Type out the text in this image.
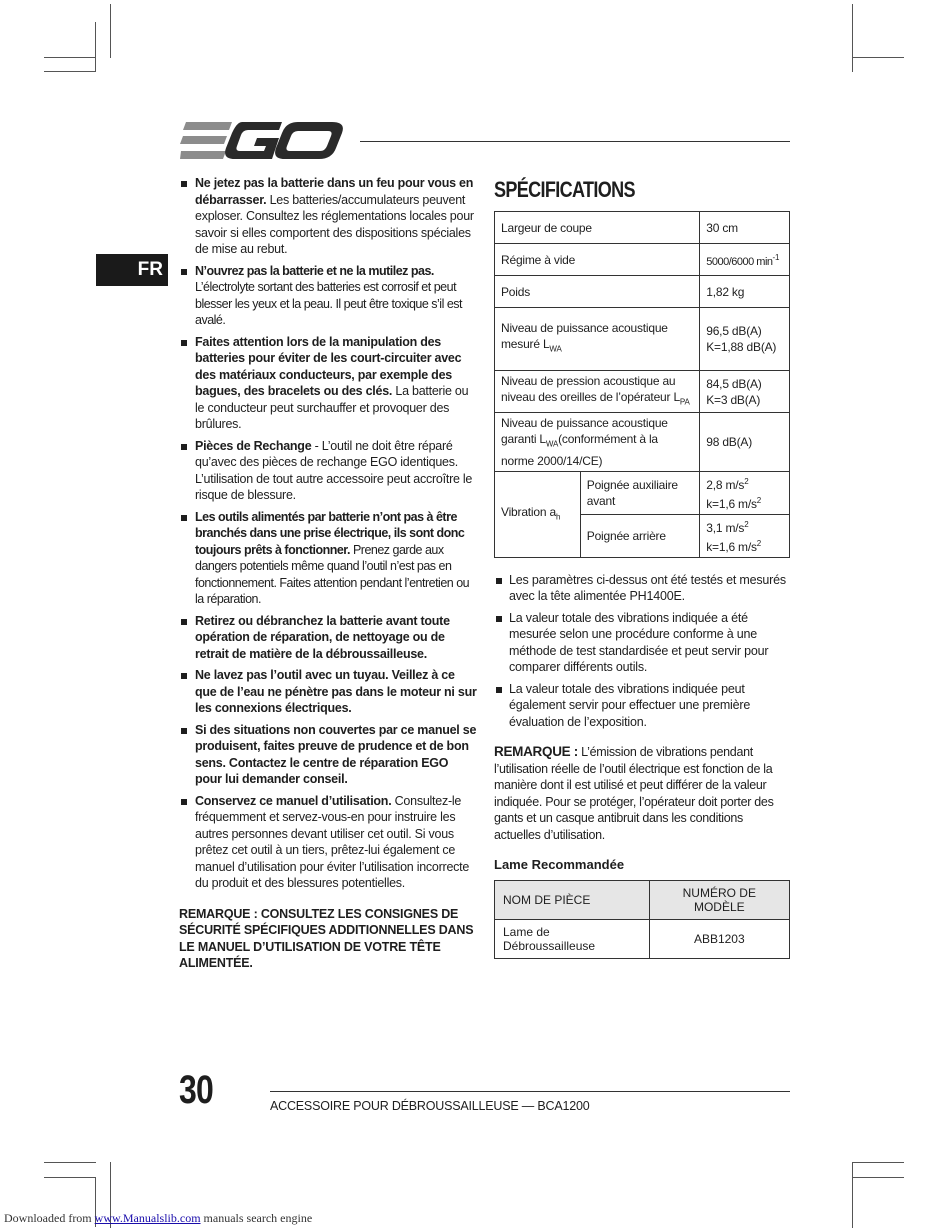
FR
Ne jetez pas la batterie dans un feu pour vous en débarrasser. Les batteries/accumulateurs peuvent exploser. Consultez les réglementations locales pour savoir si elles comportent des dispositions spéciales de mise au rebut.
N’ouvrez pas la batterie et ne la mutilez pas. L’électrolyte sortant des batteries est corrosif et peut blesser les yeux et la peau. Il peut être toxique s’il est avalé.
Faites attention lors de la manipulation des batteries pour éviter de les court-circuiter avec des matériaux conducteurs, par exemple des bagues, des bracelets ou des clés. La batterie ou le conducteur peut surchauffer et provoquer des brûlures.
Pièces de Rechange - L’outil ne doit être réparé qu’avec des pièces de rechange EGO identiques. L’utilisation de tout autre accessoire peut accroître le risque de blessure.
Les outils alimentés par batterie n’ont pas à être branchés dans une prise électrique, ils sont donc toujours prêts à fonctionner. Prenez garde aux dangers potentiels même quand l’outil n’est pas en fonctionnement. Faites attention pendant l’entretien ou la réparation.
Retirez ou débranchez la batterie avant toute opération de réparation, de nettoyage ou de retrait de matière de la débroussailleuse.
Ne lavez pas l’outil avec un tuyau. Veillez à ce que de l’eau ne pénètre pas dans le moteur ni sur les connexions électriques.
Si des situations non couvertes par ce manuel se produisent, faites preuve de prudence et de bon sens. Contactez le centre de réparation EGO pour lui demander conseil.
Conservez ce manuel d’utilisation. Consultez-le fréquemment et servez-vous-en pour instruire les autres personnes devant utiliser cet outil. Si vous prêtez cet outil à un tiers, prêtez-lui également ce manuel d’utilisation pour éviter l’utilisation incorrecte du produit et des blessures potentielles.
REMARQUE : CONSULTEZ LES CONSIGNES DE SÉCURITÉ SPÉCIFIQUES ADDITIONNELLES DANS LE MANUEL D’UTILISATION DE VOTRE TÊTE ALIMENTÉE.
SPÉCIFICATIONS
Largeur de coupe		30 cm
Régime à vide		5000/6000 $\min^{-1}$
Poids		1,82 kg
Niveau de puissance acoustique mesuré $L_{WA}$		96,5 dB(A)
K=1,88 dB(A)

Niveau de pression acoustique au niveau des oreilles de l’opérateur $L_{PA}$		84,5 dB(A)
K=3 dB(A)

Niveau de puissance acoustique garanti $L_{WA}(conformément$ à la norme 2000/14/CE)		98 dB(A)
Vibration $a_h$	Poignée auxiliaire avant	2,8 $m/s^2$
k=1,6 $m/s^2$

	Poignée arrière	3,1 $m/s^2$
k=1,6 $m/s^2$
Les paramètres ci-dessus ont été testés et mesurés avec la tête alimentée PH1400E.
La valeur totale des vibrations indiquée a été mesurée selon une procédure conforme à une méthode de test standardisée et peut servir pour comparer différents outils.
La valeur totale des vibrations indiquée peut également servir pour effectuer une première évaluation de l’exposition.
REMARQUE : L’émission de vibrations pendant l’utilisation réelle de l’outil électrique est fonction de la manière dont il est utilisé et peut différer de la valeur indiquée. Pour se protéger, l’opérateur doit porter des gants et un casque antibruit dans les conditions actuelles d’utilisation.
Lame Recommandée
NOM DE PIÈCE	NUMÉRO DE MODÈLE
Lame de Débroussailleuse	ABB1203
30	ACCESSOIRE POUR DÉBROUSSAILLEUSE — BCA1200
Downloaded from www.Manualslib.com manuals search engine
